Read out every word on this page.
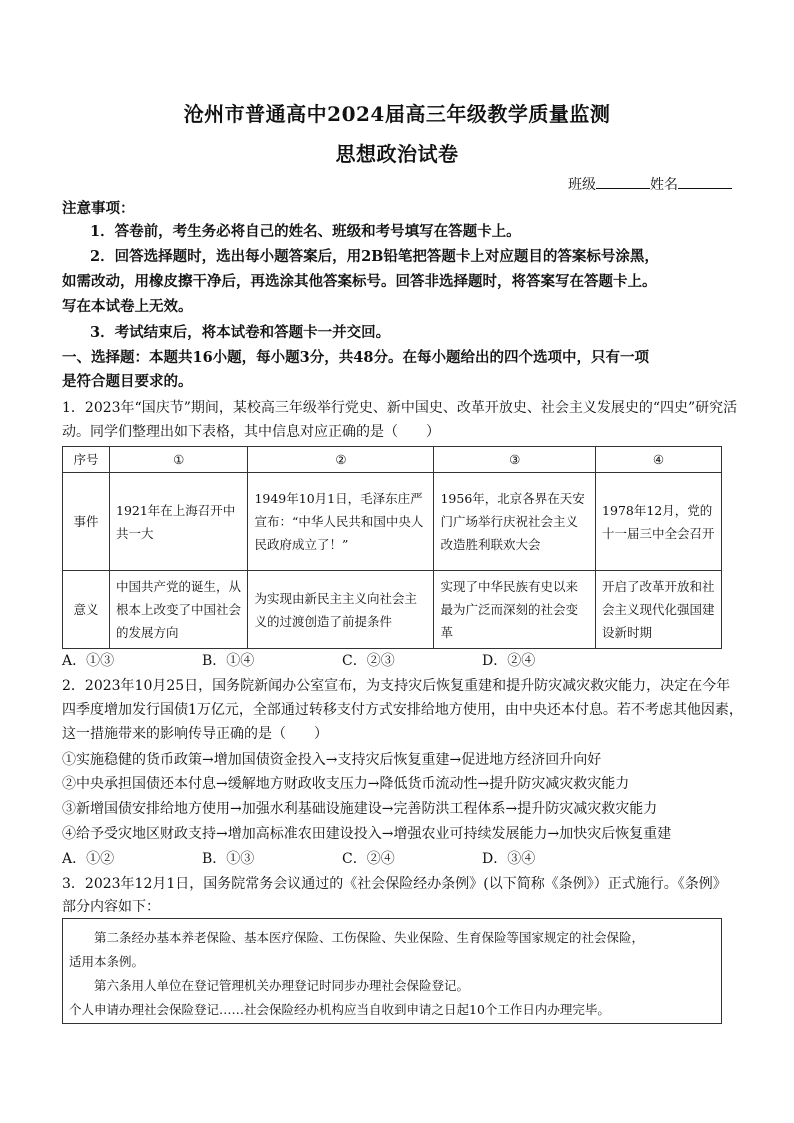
沧州市普通高中2024届高三年级教学质量监测
思想政治试卷
班级	姓名
注意事项：
1．答卷前，考生务必将自己的姓名、班级和考号填写在答题卡上。
2．回答选择题时，选出每小题答案后，用2B铅笔把答题卡上对应题目的答案标号涂黑，
如需改动，用橡皮擦干净后，再选涂其他答案标号。回答非选择题时，将答案写在答题卡上。
写在本试卷上无效。
3．考试结束后，将本试卷和答题卡一并交回。
一、选择题：本题共16小题，每小题3分，共48分。在每小题给出的四个选项中，只有一项
是符合题目要求的。
1．2023年“国庆节”期间，某校高三年级举行党史、新中国史、改革开放史、社会主义发展史的“四史”研究活
动。同学们整理出如下表格，其中信息对应正确的是（　　）
序号	①	②	③	④
事件	1921年在上海召开中共一大	1949年10月1日，毛泽东庄严宣布：“中华人民共和国中央人民政府成立了！”	1956年，北京各界在天安门广场举行庆祝社会主义改造胜利联欢大会	1978年12月，党的十一届三中全会召开
意义	中国共产党的诞生，从根本上改变了中国社会的发展方向	为实现由新民主主义向社会主义的过渡创造了前提条件	实现了中华民族有史以来最为广泛而深刻的社会变革	开启了改革开放和社会主义现代化强国建设新时期
A．①③	B．①④	C．②③	D．②④
2．2023年10月25日，国务院新闻办公室宣布，为支持灾后恢复重建和提升防灾减灾救灾能力，决定在今年
四季度增加发行国债1万亿元，全部通过转移支付方式安排给地方使用，由中央还本付息。若不考虑其他因素，
这一措施带来的影响传导正确的是（　　）
①实施稳健的货币政策→增加国债资金投入→支持灾后恢复重建→促进地方经济回升向好
②中央承担国债还本付息→缓解地方财政收支压力→降低货币流动性→提升防灾减灾救灾能力
③新增国债安排给地方使用→加强水利基础设施建设→完善防洪工程体系→提升防灾减灾救灾能力
④给予受灾地区财政支持→增加高标准农田建设投入→增强农业可持续发展能力→加快灾后恢复重建
A．①②	B．①③	C．②④	D．③④
3．2023年12月1日，国务院常务会议通过的《社会保险经办条例》(以下简称《条例》）正式施行。《条例》
部分内容如下：
　　第二条经办基本养老保险、基本医疗保险、工伤保险、失业保险、生育保险等国家规定的社会保险，
适用本条例。
　　第六条用人单位在登记管理机关办理登记时同步办理社会保险登记。
个人申请办理社会保险登记……社会保险经办机构应当自收到申请之日起10个工作日内办理完毕。
